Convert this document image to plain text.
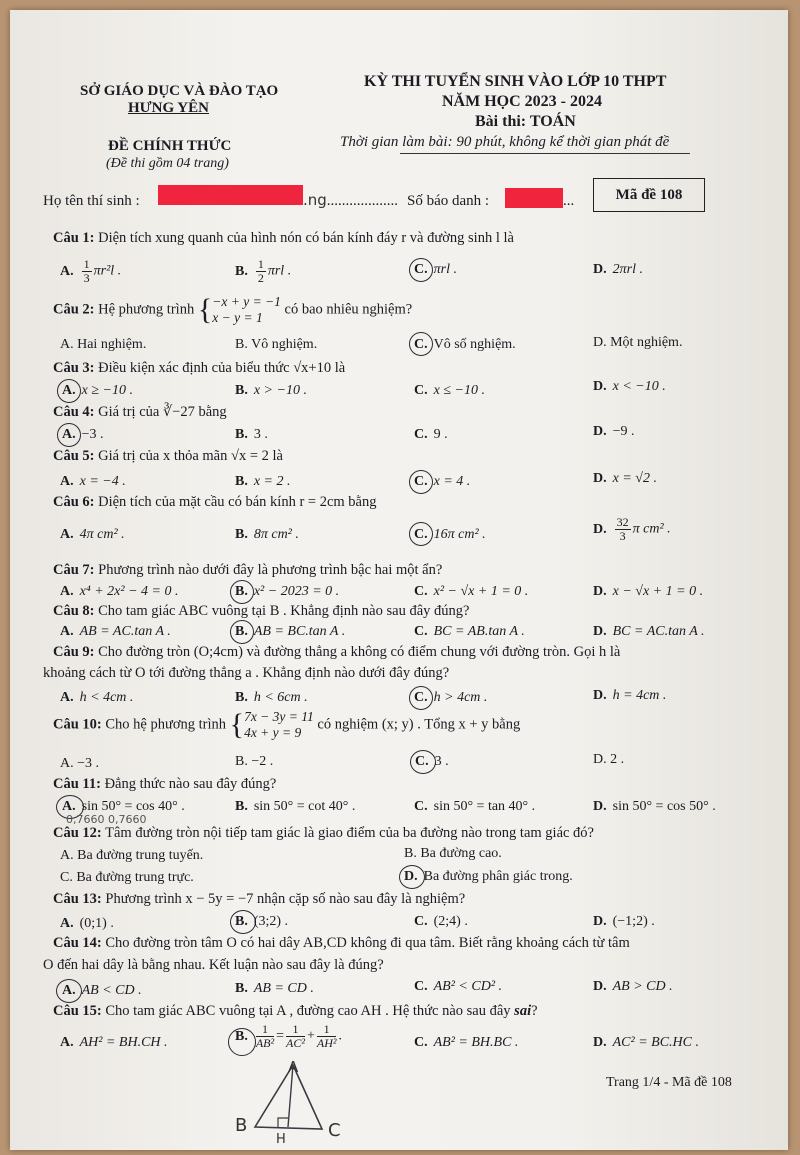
SỞ GIÁO DỤC VÀ ĐÀO TẠO
HƯNG YÊN
ĐỀ CHÍNH THỨC
(Đề thi gồm 04 trang)
KỲ THI TUYỂN SINH VÀO LỚP 10 THPT
NĂM HỌC 2023 - 2024
Bài thi: TOÁN
Thời gian làm bài: 90 phút, không kể thời gian phát đề
Họ tên thí sinh :	.ng................... Số báo danh :	...	Mã đề 108
Câu 1: Diện tích xung quanh của hình nón có bán kính đáy r và đường sinh l là
A. $\frac{1}{3} \pi r^2l$ .	B. $\frac{1}{2}$ πrl .	C. πrl .	D. 2πrl .
Câu 2: Hệ phương trình { −x + y = −1
x − y = 1
có bao nhiêu nghiệm?
A. Hai nghiệm.	B. Vô nghiệm.	C. Vô số nghiệm.	D. Một nghiệm.
Câu 3: Điều kiện xác định của biểu thức √x+10 là
A. x ≥ −10 .	B. x > −10 .	C. x ≤ −10 .	D. x < −10 .
Câu 4: Giá trị của ∛−27 bằng
A. −3 .	B. 3 .	C. 9 .	D. −9 .
Câu 5: Giá trị của x thỏa mãn √x = 2 là
A. x = −4 .	B. x = 2 .	C. x = 4 .	D. x = √2 .
Câu 6: Diện tích của mặt cầu có bán kính r = 2cm bằng
A. 4π cm² .	B. 8π cm² .	C. 16π cm² .	D. $\frac{32}{3}$ π cm² .
Câu 7: Phương trình nào dưới đây là phương trình bậc hai một ẩn?
A. x⁴ + 2x² − 4 = 0 .	B. x² − 2023 = 0 .	C. x² − √x + 1 = 0 .	D. x − √x + 1 = 0 .
Câu 8: Cho tam giác ABC vuông tại B . Khẳng định nào sau đây đúng?
A. AB = AC.tan A .	B. AB = BC.tan A .	C. BC = AB.tan A .	D. BC = AC.tan A .
Câu 9: Cho đường tròn (O;4cm) và đường thẳng a không có điểm chung với đường tròn. Gọi h là
khoảng cách từ O tới đường thẳng a . Khẳng định nào dưới đây đúng?
A. h < 4cm .	B. h < 6cm .	C. h > 4cm .	D. h = 4cm .
Câu 10: Cho hệ phương trình { 7x − 3y = 11
4x + y = 9
có nghiệm (x; y) . Tổng x + y bằng
A. −3 .	B. −2 .	C. 3 .	D. 2 .
Câu 11: Đẳng thức nào sau đây đúng?
A. sin 50° = cos 40° .	B. sin 50° = cot 40° .	C. sin 50° = tan 40° .	D. sin 50° = cos 50° .
0,7660 0,7660
Câu 12: Tâm đường tròn nội tiếp tam giác là giao điểm của ba đường nào trong tam giác đó?
A. Ba đường trung tuyến.	B. Ba đường cao.
C. Ba đường trung trực.	D. Ba đường phân giác trong.
Câu 13: Phương trình x − 5y = −7 nhận cặp số nào sau đây là nghiệm?
A. (0;1) .	B. (3;2) .	C. (2;4) .	D. (−1;2) .
Câu 14: Cho đường tròn tâm O có hai dây AB,CD không đi qua tâm. Biết rằng khoảng cách từ tâm
O đến hai dây là bằng nhau. Kết luận nào sau đây là đúng?
A. AB < CD .	B. AB = CD .	C. AB² < CD² .	D. AB > CD .
Câu 15: Cho tam giác ABC vuông tại A , đường cao AH . Hệ thức nào sau đây sai?
A. AH² = BH.CH .	B. $\frac{1}{\text{AB²}} = \frac{1}{\text{AC²}} + \frac{1}{\text{AH²}}$ .	C. AB² = BH.BC .	D. AC² = BC.HC .
A
B	C
H
Trang 1/4 - Mã đề 108
